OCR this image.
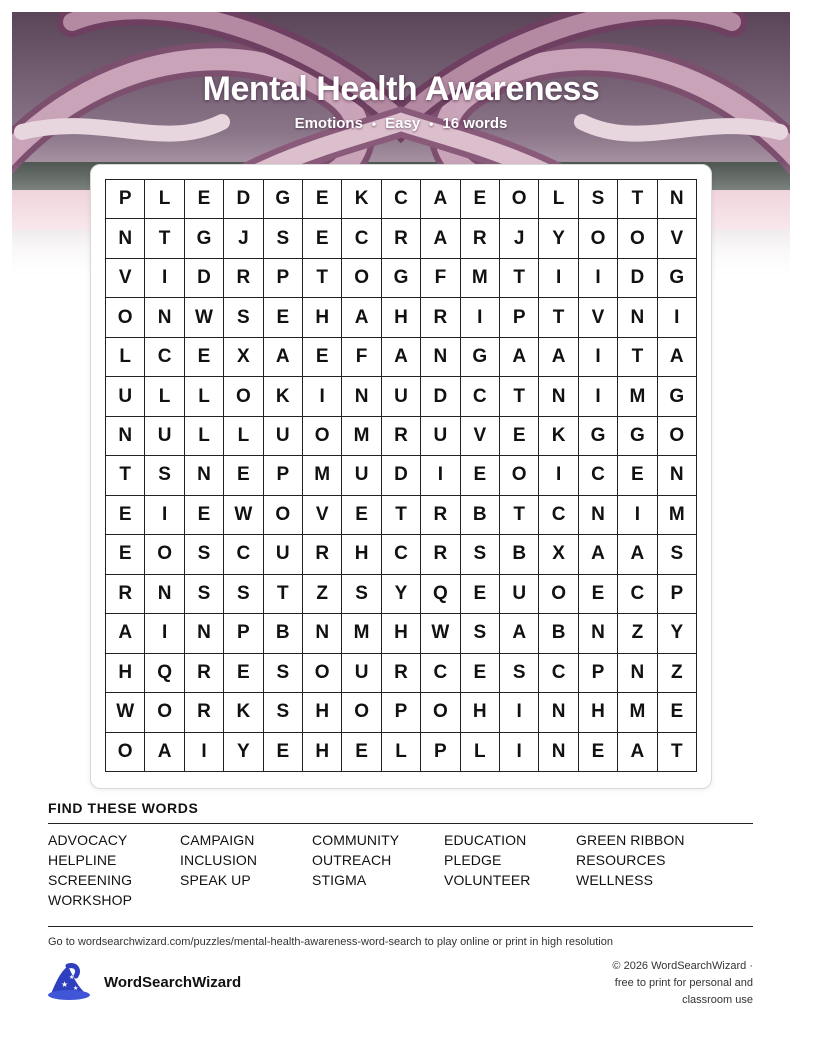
Mental Health Awareness
Emotions • Easy • 16 words
P	L	E	D	G	E	K	C	A	E	O	L	S	T	N
N	T	G	J	S	E	C	R	A	R	J	Y	O	O	V
V	I	D	R	P	T	O	G	F	M	T	I	I	D	G
O	N	W	S	E	H	A	H	R	I	P	T	V	N	I
L	C	E	X	A	E	F	A	N	G	A	A	I	T	A
U	L	L	O	K	I	N	U	D	C	T	N	I	M	G
N	U	L	L	U	O	M	R	U	V	E	K	G	G	O
T	S	N	E	P	M	U	D	I	E	O	I	C	E	N
E	I	E	W	O	V	E	T	R	B	T	C	N	I	M
E	O	S	C	U	R	H	C	R	S	B	X	A	A	S
R	N	S	S	T	Z	S	Y	Q	E	U	O	E	C	P
A	I	N	P	B	N	M	H	W	S	A	B	N	Z	Y
H	Q	R	E	S	O	U	R	C	E	S	C	P	N	Z
W	O	R	K	S	H	O	P	O	H	I	N	H	M	E
O	A	I	Y	E	H	E	L	P	L	I	N	E	A	T
FIND THESE WORDS
ADVOCACY	CAMPAIGN	COMMUNITY	EDUCATION	GREEN RIBBON
HELPLINE	INCLUSION	OUTREACH	PLEDGE	RESOURCES
SCREENING	SPEAK UP	STIGMA	VOLUNTEER	WELLNESS
WORKSHOP
Go to wordsearchwizard.com/puzzles/mental-health-awareness-word-search to play online or print in high resolution
★
★
★ WordSearchWizard
© 2026 WordSearchWizard ·
free to print for personal and
classroom use
